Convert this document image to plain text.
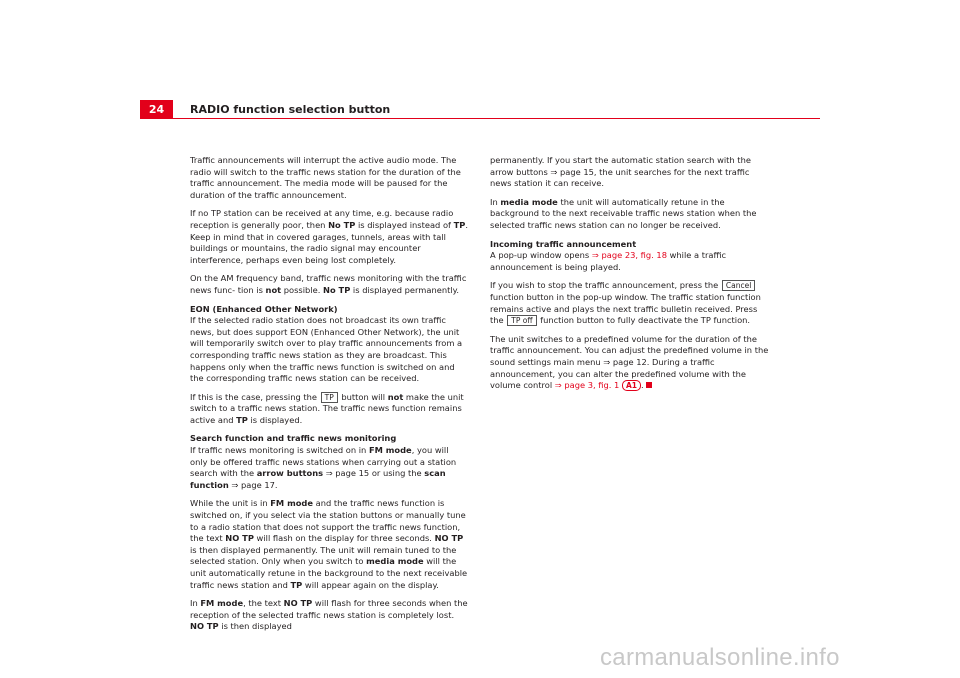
24	RADIO function selection button

Traffic announcements will interrupt the active audio mode. The radio will switch to the traffic news station for the duration of the traffic announcement. The media mode will be paused for the duration of the traffic announcement.

If no TP station can be received at any time, e.g. because radio reception is generally poor, then No TP is displayed instead of TP. Keep in mind that in covered garages, tunnels, areas with tall buildings or mountains, the radio signal may encounter interference, perhaps even being lost completely.

On the AM frequency band, traffic news monitoring with the traffic news func- tion is not possible. No TP is displayed permanently.

EON (Enhanced Other Network)

If the selected radio station does not broadcast its own traffic news, but does support EON (Enhanced Other Network), the unit will temporarily switch over to play traffic announcements from a corresponding traffic news station as they are broadcast. This happens only when the traffic news function is switched on and the corresponding traffic news station can be received.

If this is the case, pressing the TP button will not make the unit switch to a traffic news station. The traffic news function remains active and TP is displayed.

Search function and traffic news monitoring

If traffic news monitoring is switched on in FM mode, you will only be offered traffic news stations when carrying out a station search with the arrow buttons ⇒ page 15 or using the scan function ⇒ page 17.

While the unit is in FM mode and the traffic news function is switched on, if you select via the station buttons or manually tune to a radio station that does not support the traffic news function, the text NO TP will flash on the display for three seconds. NO TP is then displayed permanently. The unit will remain tuned to the selected station. Only when you switch to media mode will the unit automatically retune in the background to the next receivable traffic news station and TP will appear again on the display.

In FM mode, the text NO TP will flash for three seconds when the reception of the selected traffic news station is completely lost. NO TP is then displayed

permanently. If you start the automatic station search with the arrow buttons ⇒ page 15, the unit searches for the next traffic news station it can receive.

In media mode the unit will automatically retune in the background to the next receivable traffic news station when the selected traffic news station can no longer be received.

Incoming traffic announcement

A pop-up window opens ⇒ page 23, fig. 18 while a traffic announcement is being played.

If you wish to stop the traffic announcement, press the Cancel function button in the pop-up window. The traffic station function remains active and plays the next traffic bulletin received. Press the TP off function button to fully deactivate the TP function.

The unit switches to a predefined volume for the duration of the traffic announcement. You can adjust the predefined volume in the sound settings main menu ⇒ page 12. During a traffic announcement, you can alter the predefined volume with the volume control ⇒ page 3, fig. 1 A1 .

carmanualsonline.info
